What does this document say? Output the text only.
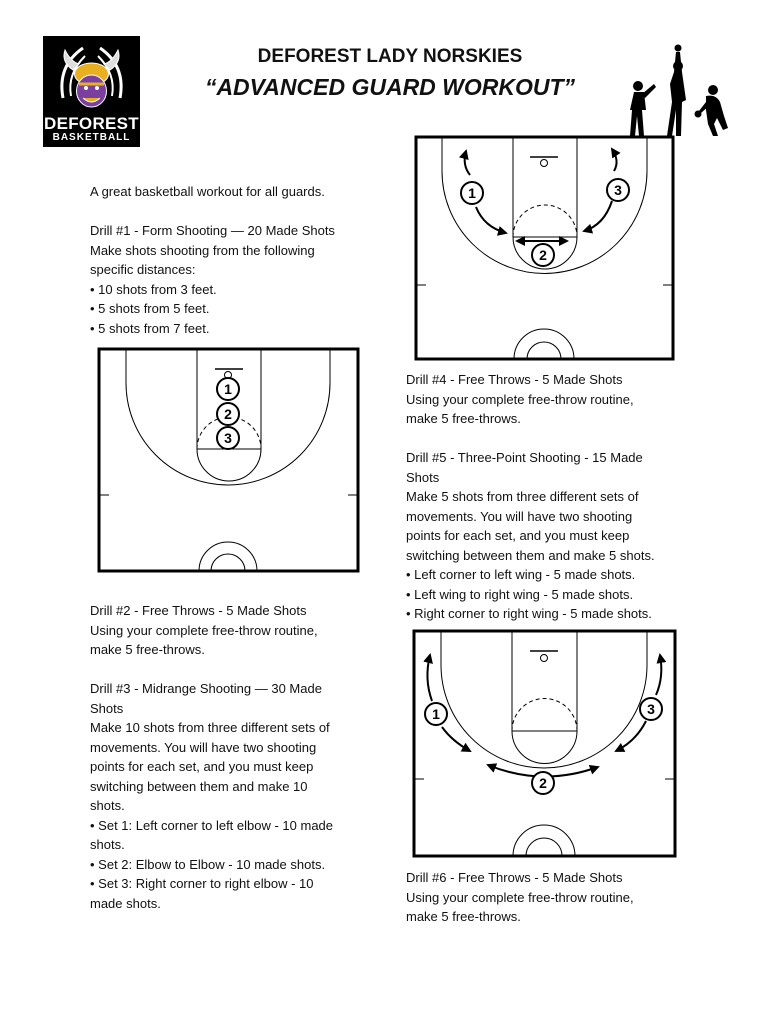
DEFOREST
BASKETBALL
DEFOREST LADY NORSKIES
“ADVANCED GUARD WORKOUT”

A great basketball workout for all guards.

Drill #1 - Form Shooting — 20 Made Shots

Make shots shooting from the following

specific distances:

• 10 shots from 3 feet.

• 5 shots from 5 feet.

• 5 shots from 7 feet.

1
2
3

Drill #2 - Free Throws - 5 Made Shots

Using your complete free-throw routine,

make 5 free-throws.

Drill #3 - Midrange Shooting — 30 Made

Shots

Make 10 shots from three different sets of

movements. You will have two shooting

points for each set, and you must keep

switching between them and make 10

shots.

• Set 1: Left corner to left elbow - 10 made

shots.

• Set 2: Elbow to Elbow - 10 made shots.

• Set 3: Right corner to right elbow - 10

made shots.

1
2
3

Drill #4 - Free Throws - 5 Made Shots

Using your complete free-throw routine,

make 5 free-throws.

Drill #5 - Three-Point Shooting - 15 Made

Shots

Make 5 shots from three different sets of

movements. You will have two shooting

points for each set, and you must keep

switching between them and make 5 shots.

• Left corner to left wing - 5 made shots.

• Left wing to right wing - 5 made shots.

• Right corner to right wing - 5 made shots.

1
2
3

Drill #6 - Free Throws - 5 Made Shots

Using your complete free-throw routine,

make 5 free-throws.
